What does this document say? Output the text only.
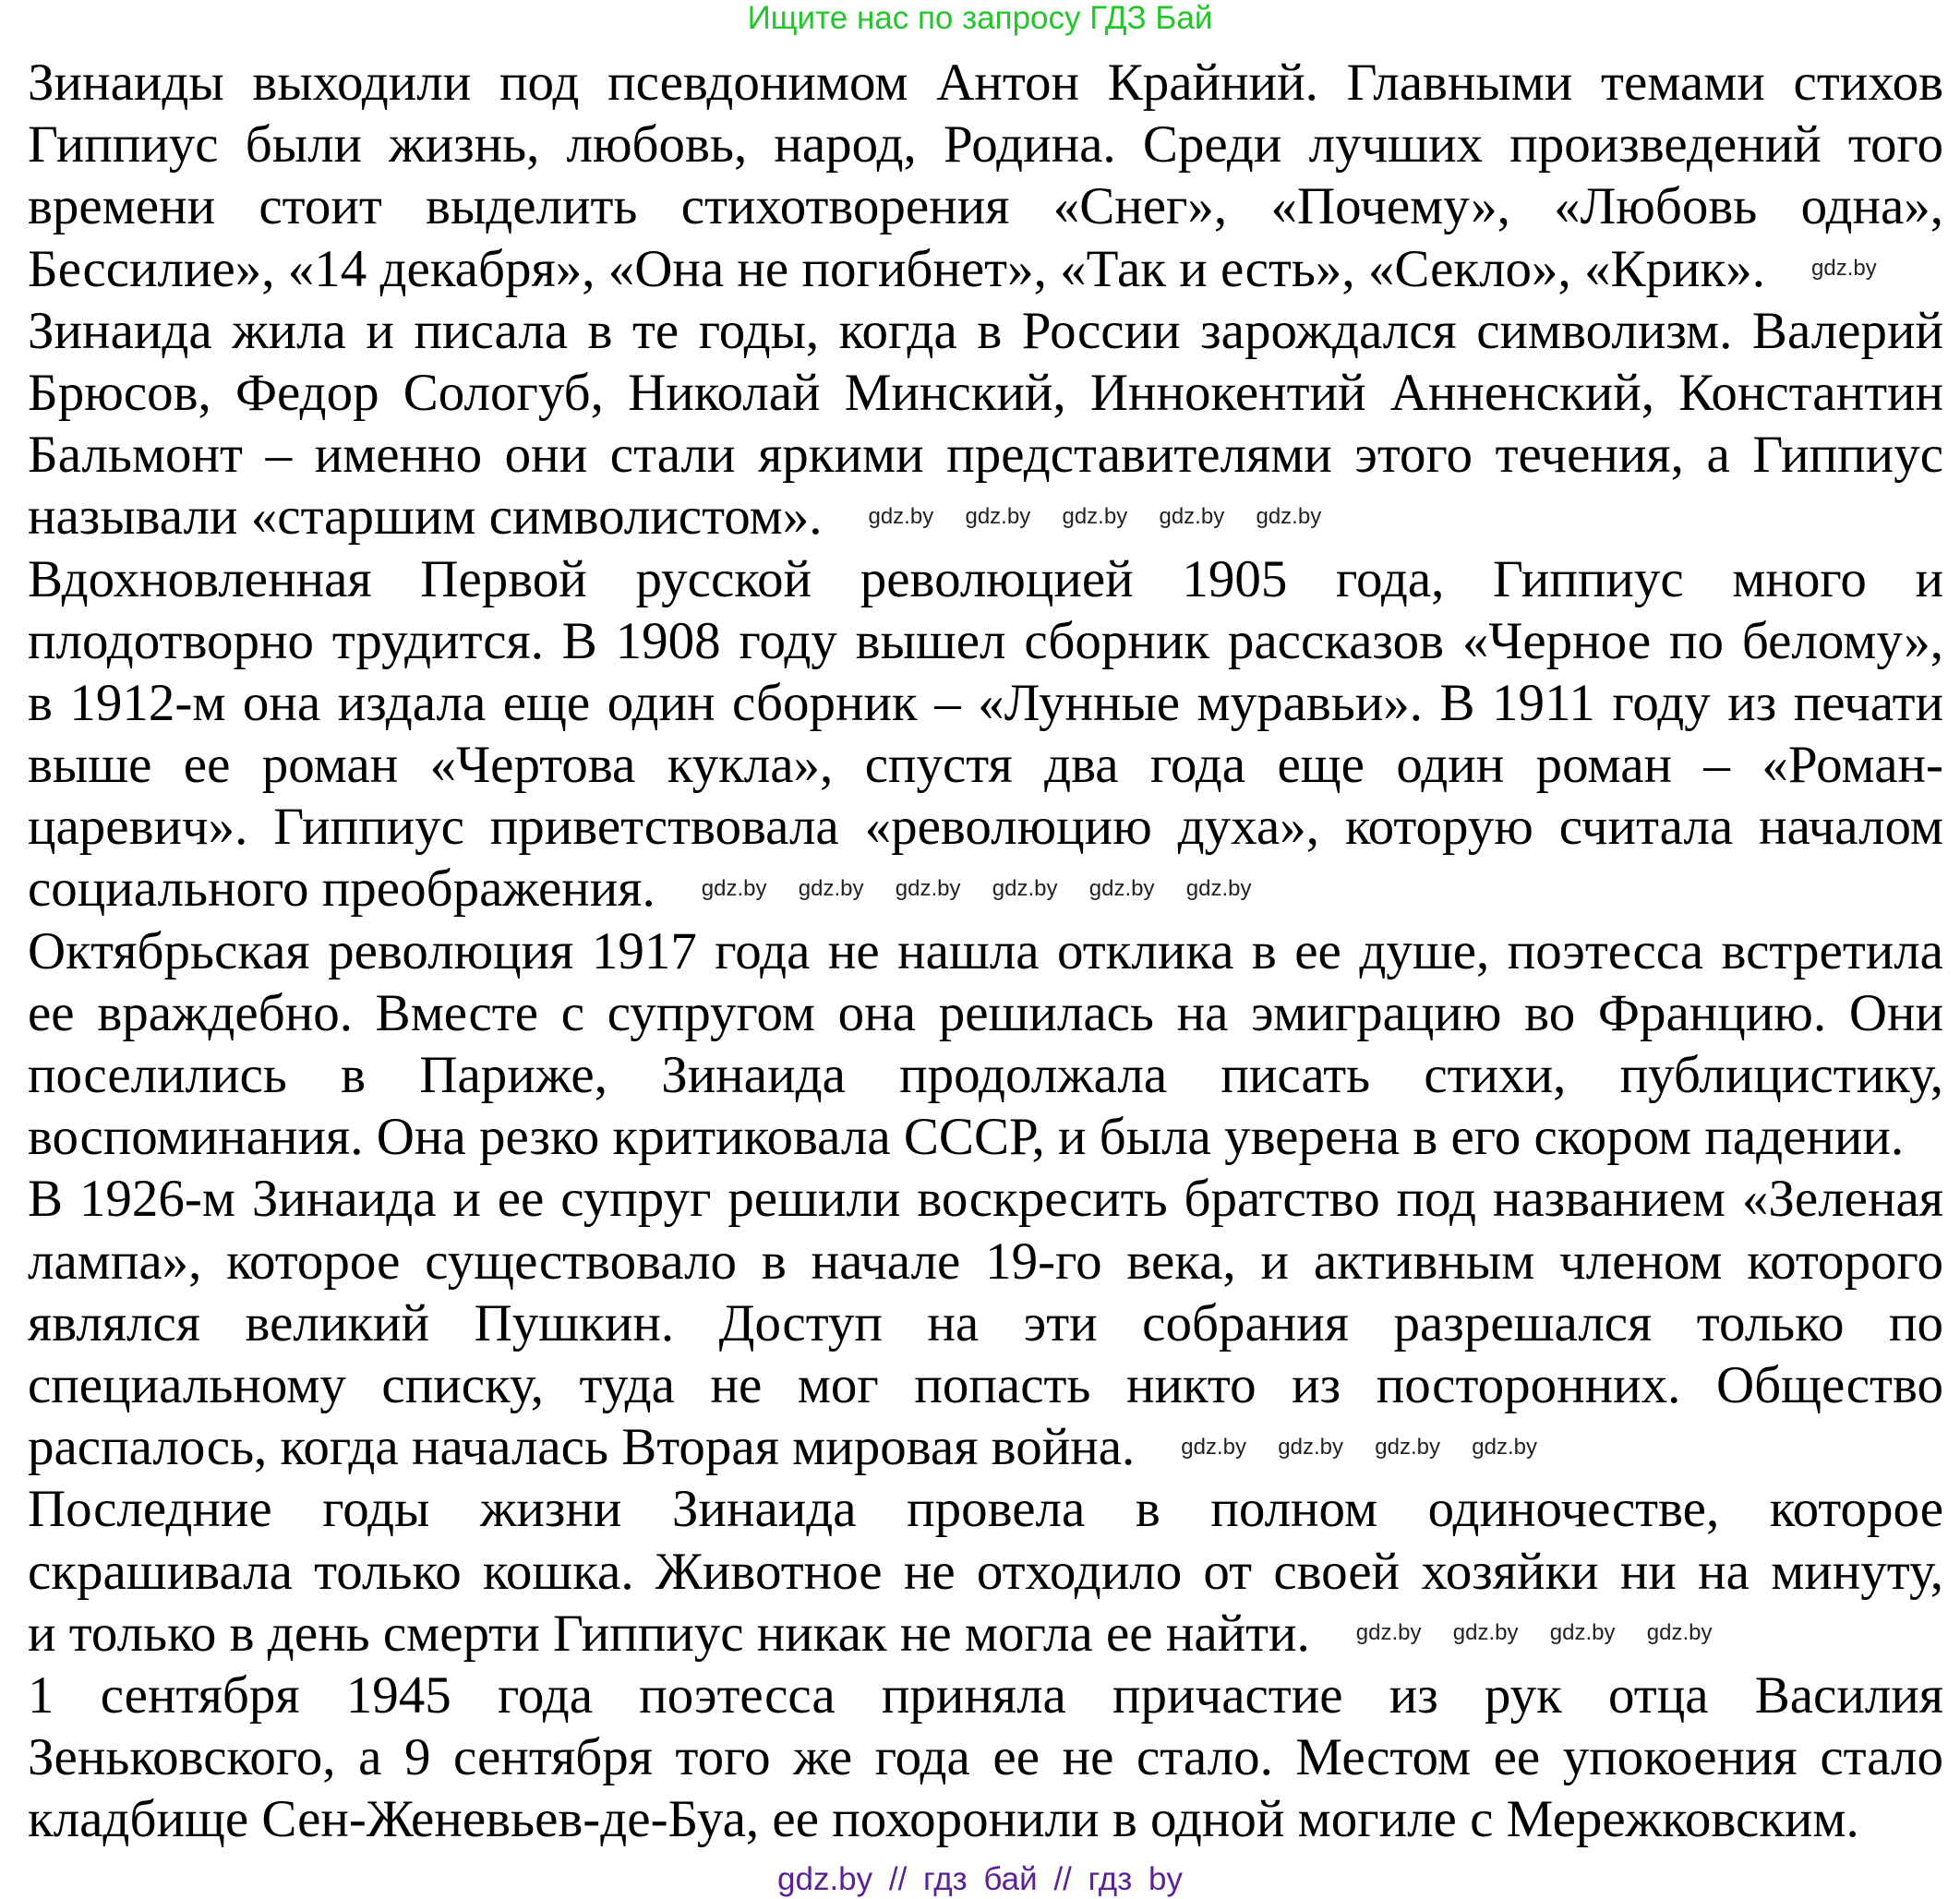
Ищите нас по запросу ГДЗ Бай
Зинаиды выходили под псевдонимом Антон Крайний. Главными темами стихов
Гиппиус были жизнь, любовь, народ, Родина. Среди лучших произведений того
времени стоит выделить стихотворения «Снег», «Почему», «Любовь одна»,
Бессилие», «14 декабря», «Она не погибнет», «Так и есть», «Секло», «Крик».
Зинаида жила и писала в те годы, когда в России зарождался символизм. Валерий
Брюсов, Федор Сологуб, Николай Минский, Иннокентий Анненский, Константин
Бальмонт – именно они стали яркими представителями этого течения, а Гиппиус
называли «старшим символистом».
Вдохновленная Первой русской революцией 1905 года, Гиппиус много и
плодотворно трудится. В 1908 году вышел сборник рассказов «Черное по белому»,
в 1912-м она издала еще один сборник – «Лунные муравьи». В 1911 году из печати
выше ее роман «Чертова кукла», спустя два года еще один роман – «Роман-
царевич». Гиппиус приветствовала «революцию духа», которую считала началом
социального преображения.
Октябрьская революция 1917 года не нашла отклика в ее душе, поэтесса встретила
ее враждебно. Вместе с супругом она решилась на эмиграцию во Францию. Они
поселились в Париже, Зинаида продолжала писать стихи, публицистику,
воспоминания. Она резко критиковала СССР, и была уверена в его скором падении.
В 1926-м Зинаида и ее супруг решили воскресить братство под названием «Зеленая
лампа», которое существовало в начале 19-го века, и активным членом которого
являлся великий Пушкин. Доступ на эти собрания разрешался только по
специальному списку, туда не мог попасть никто из посторонних. Общество
распалось, когда началась Вторая мировая война.
Последние годы жизни Зинаида провела в полном одиночестве, которое
скрашивала только кошка. Животное не отходило от своей хозяйки ни на минуту,
и только в день смерти Гиппиус никак не могла ее найти.
1 сентября 1945 года поэтесса приняла причастие из рук отца Василия
Зеньковского, а 9 сентября того же года ее не стало. Местом ее упокоения стало
кладбище Сен-Женевьев-де-Буа, ее похоронили в одной могиле с Мережковским.
gdz.by
gdz.by gdz.by gdz.by gdz.by gdz.by
gdz.by gdz.by gdz.by gdz.by gdz.by gdz.by
gdz.by gdz.by gdz.by gdz.by
gdz.by gdz.by gdz.by gdz.by
gdz.by // гдз бай // гдз by
